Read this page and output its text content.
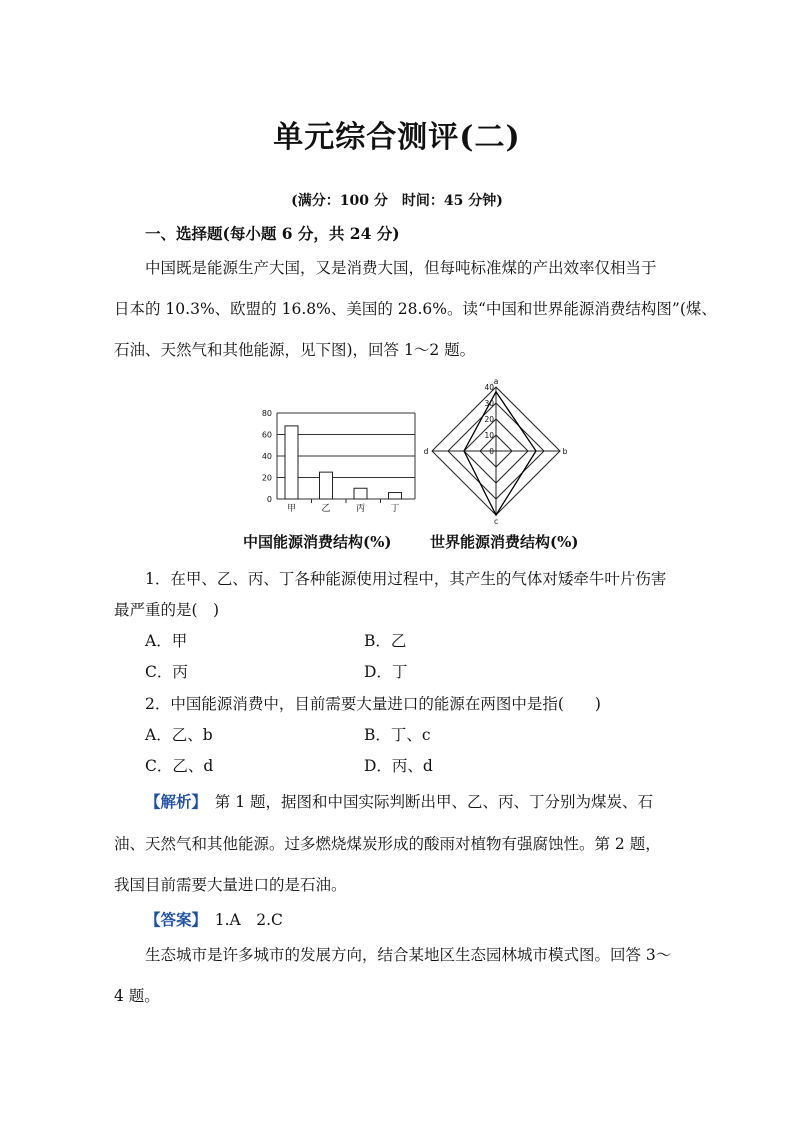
单元综合测评(二)
(满分：100 分　时间：45 分钟)
一、选择题(每小题 6 分，共 24 分)
中国既是能源生产大国，又是消费大国，但每吨标准煤的产出效率仅相当于
日本的 10.3%、欧盟的 16.8%、美国的 28.6%。读“中国和世界能源消费结构图”(煤、
石油、天然气和其他能源，见下图)，回答 1～2 题。
0
20
40
60
80
甲	乙	丙	丁
0
10
20
30
40
a
b
c
d
中国能源消费结构(%)	世界能源消费结构(%)
1．在甲、乙、丙、丁各种能源使用过程中，其产生的气体对矮牵牛叶片伤害
最严重的是(　)
A．甲	B．乙
C．丙	D．丁
2．中国能源消费中，目前需要大量进口的能源在两图中是指(　　)
A．乙、b	B．丁、c
C．乙、d	D．丙、d
【解析】　第 1 题，据图和中国实际判断出甲、乙、丙、丁分别为煤炭、石
油、天然气和其他能源。过多燃烧煤炭形成的酸雨对植物有强腐蚀性。第 2 题，
我国目前需要大量进口的是石油。
【答案】　1.A　2.C
生态城市是许多城市的发展方向，结合某地区生态园林城市模式图。回答 3～
4 题。
